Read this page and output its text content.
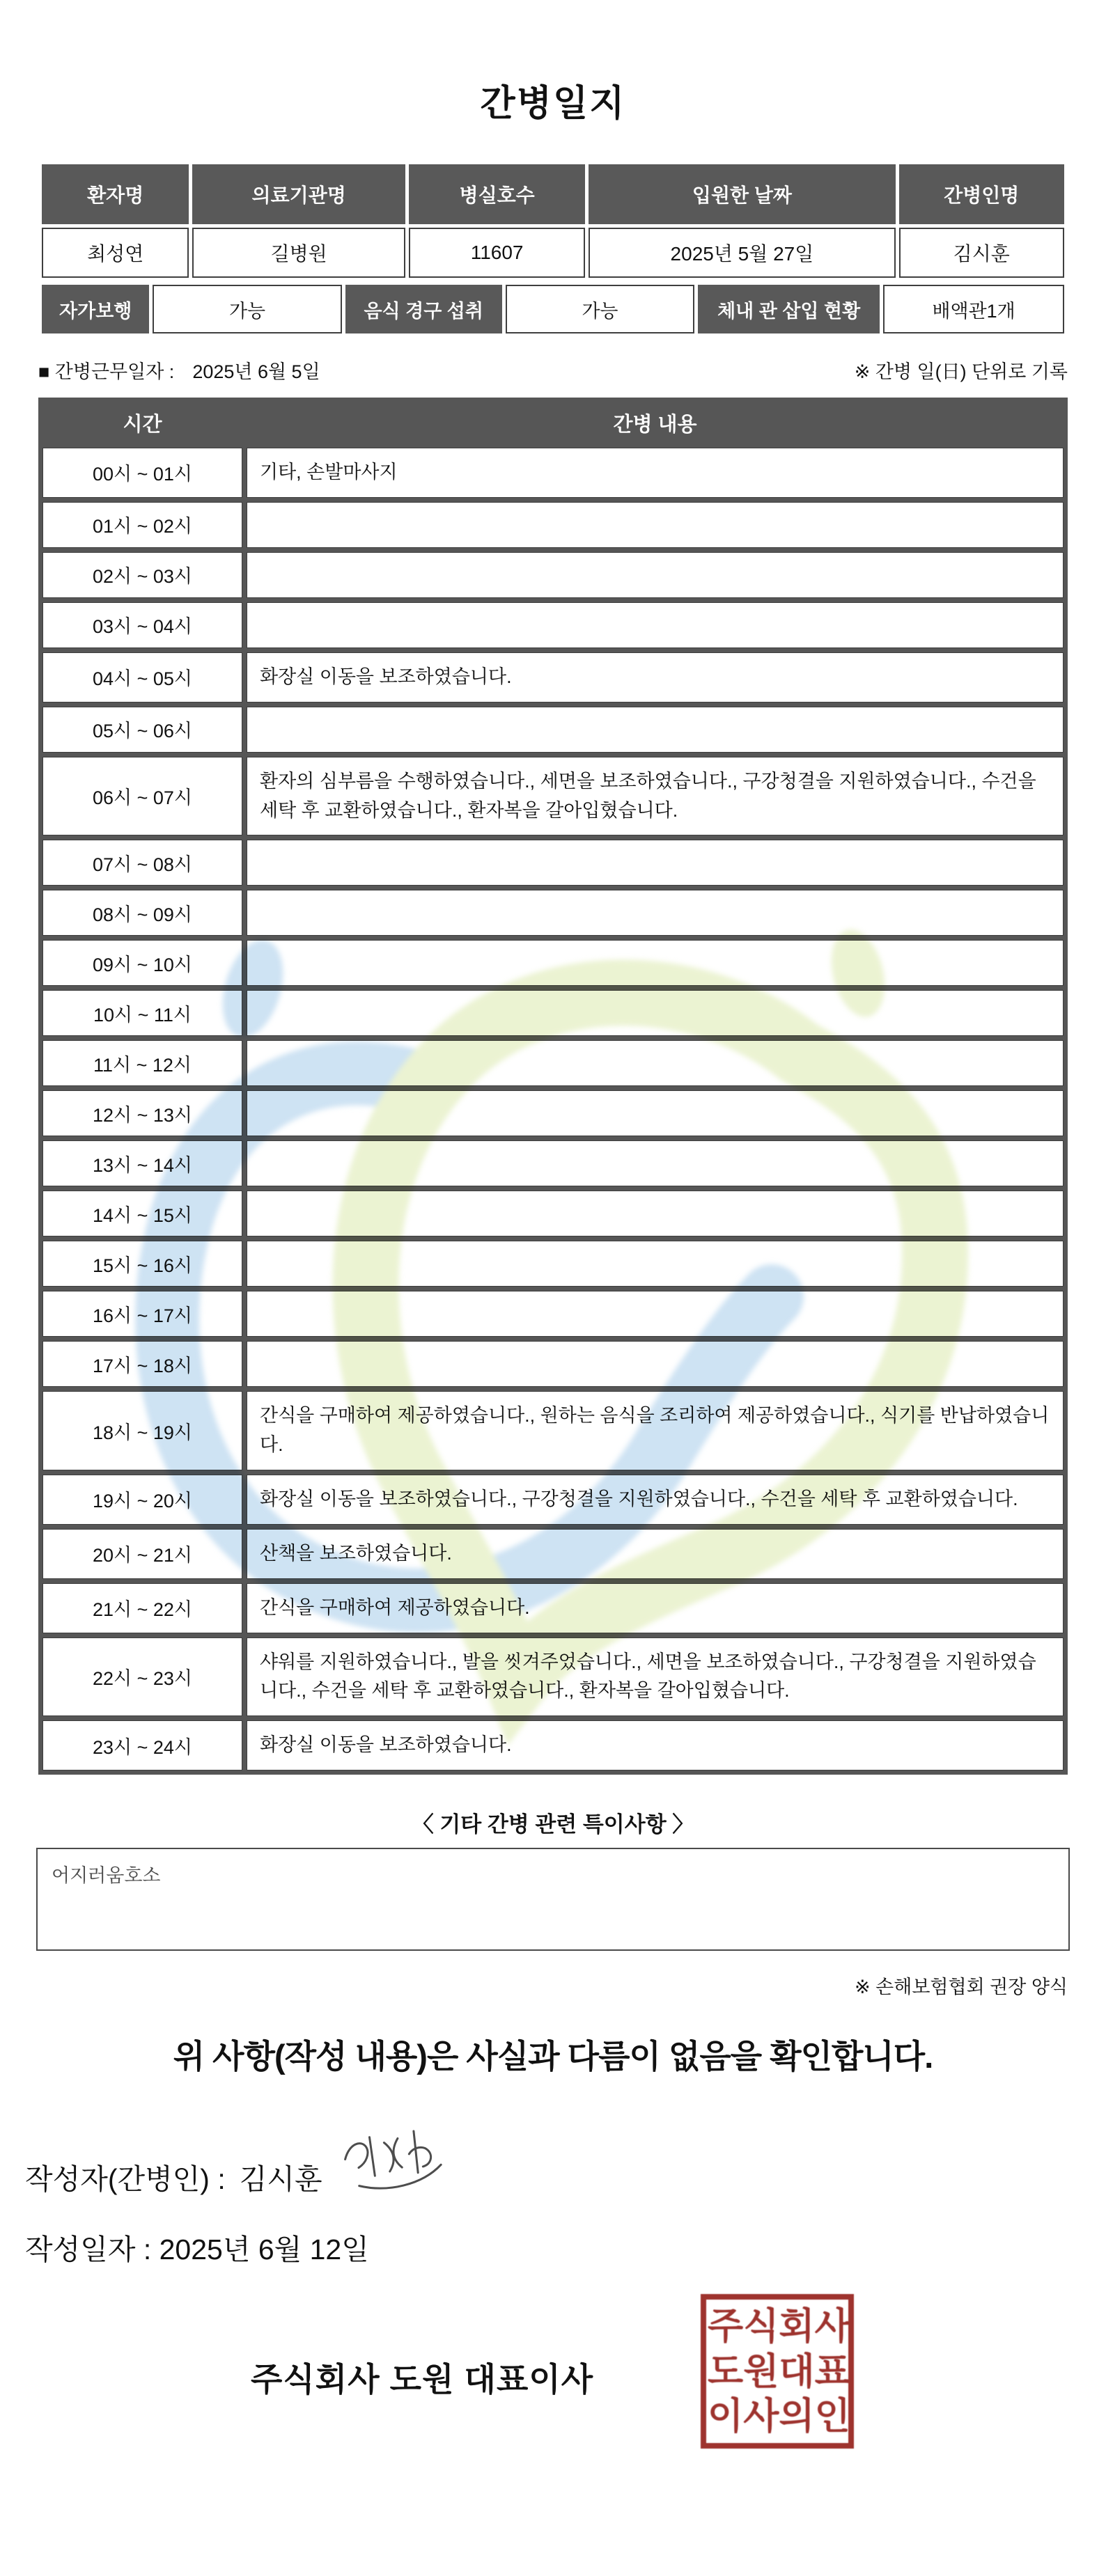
간병일지
환자명	의료기관명	병실호수	입원한 날짜	간병인명
최성연	길병원	11607	2025년 5월 27일	김시훈
자가보행	가능	음식 경구 섭취	가능	체내 관 삽입 현황	배액관1개
■ 간병근무일자 : 2025년 6월 5일	※ 간병 일(日) 단위로 기록
시간	간병 내용
00시 ~ 01시	기타, 손발마사지
01시 ~ 02시	
02시 ~ 03시	
03시 ~ 04시	
04시 ~ 05시	화장실 이동을 보조하였습니다.
05시 ~ 06시	
06시 ~ 07시	환자의 심부름을 수행하였습니다., 세면을 보조하였습니다., 구강청결을 지원하였습니다., 수건을 세탁 후 교환하였습니다., 환자복을 갈아입혔습니다.
07시 ~ 08시	
08시 ~ 09시	
09시 ~ 10시	
10시 ~ 11시	
11시 ~ 12시	
12시 ~ 13시	
13시 ~ 14시	
14시 ~ 15시	
15시 ~ 16시	
16시 ~ 17시	
17시 ~ 18시	
18시 ~ 19시	간식을 구매하여 제공하였습니다., 원하는 음식을 조리하여 제공하였습니다., 식기를 반납하였습니다.
19시 ~ 20시	화장실 이동을 보조하였습니다., 구강청결을 지원하였습니다., 수건을 세탁 후 교환하였습니다.
20시 ~ 21시	산책을 보조하였습니다.
21시 ~ 22시	간식을 구매하여 제공하였습니다.
22시 ~ 23시	샤워를 지원하였습니다., 발을 씻겨주었습니다., 세면을 보조하였습니다., 구강청결을 지원하였습니다., 수건을 세탁 후 교환하였습니다., 환자복을 갈아입혔습니다.
23시 ~ 24시	화장실 이동을 보조하였습니다.
〈 기타 간병 관련 특이사항 〉
어지러움호소
※ 손해보험협회 권장 양식
위 사항(작성 내용)은 사실과 다름이 없음을 확인합니다.
작성자(간병인) : 김시훈
작성일자 : 2025년 6월 12일
주식회사 도원 대표이사
주식회사
도원대표
이사의인
